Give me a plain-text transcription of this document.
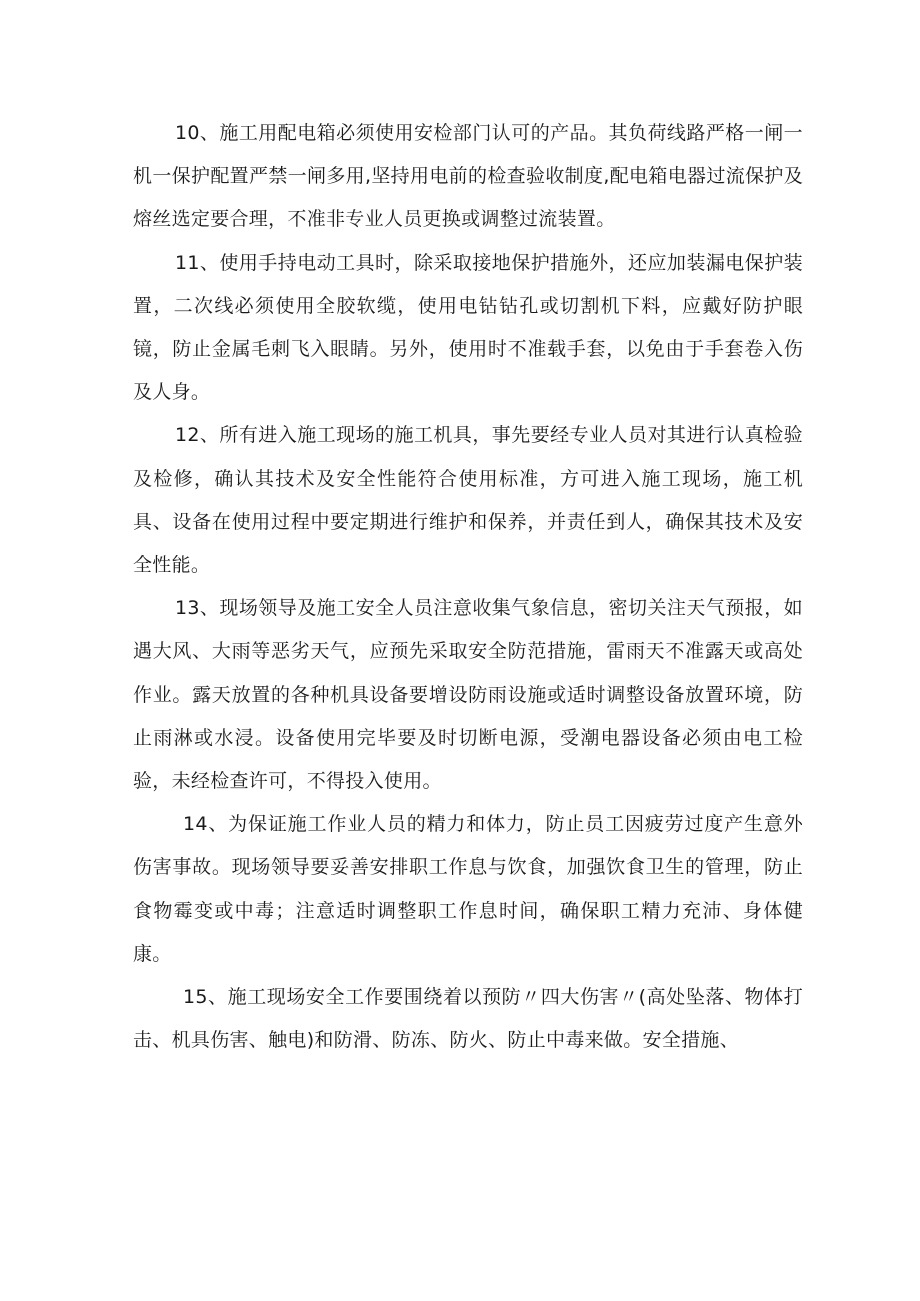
10、施工用配电箱必须使用安检部门认可的产品。其负荷线路严格一闸一机一保护配置严禁一闸多用,坚持用电前的检查验收制度,配电箱电器过流保护及熔丝选定要合理，不准非专业人员更换或调整过流装置。

11、使用手持电动工具时，除采取接地保护措施外，还应加装漏电保护装置，二次线必须使用全胶软缆，使用电钻钻孔或切割机下料，应戴好防护眼镜，防止金属毛刺飞入眼睛。另外，使用时不准载手套，以免由于手套卷入伤及人身。

12、所有进入施工现场的施工机具，事先要经专业人员对其进行认真检验及检修，确认其技术及安全性能符合使用标准，方可进入施工现场，施工机具、设备在使用过程中要定期进行维护和保养，并责任到人，确保其技术及安全性能。

13、现场领导及施工安全人员注意收集气象信息，密切关注天气预报，如遇大风、大雨等恶劣天气，应预先采取安全防范措施，雷雨天不准露天或高处作业。露天放置的各种机具设备要增设防雨设施或适时调整设备放置环境，防止雨淋或水浸。设备使用完毕要及时切断电源，受潮电器设备必须由电工检验，未经检查许可，不得投入使用。

14、为保证施工作业人员的精力和体力，防止员工因疲劳过度产生意外伤害事故。现场领导要妥善安排职工作息与饮食，加强饮食卫生的管理，防止食物霉变或中毒；注意适时调整职工作息时间，确保职工精力充沛、身体健康。

15、施工现场安全工作要围绕着以预防〃四大伤害〃(高处坠落、物体打击、机具伤害、触电)和防滑、防冻、防火、防止中毒来做。安全措施、
